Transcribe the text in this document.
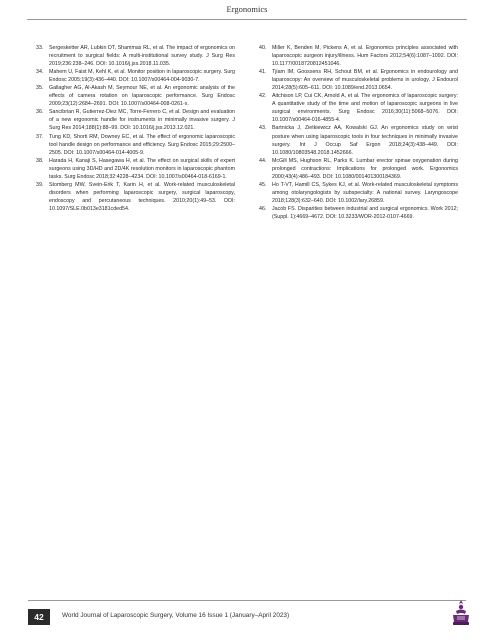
Ergonomics
33. Sergesketter AR, Lubkin DT, Shammas RL, et al. The impact of ergonomics on recruitment to surgical fields: A multi-institutional survey study. J Surg Res 2019;236:238–246. DOI: 10.1016/j.jss.2018.11.035.
34. Mahem U, Faist M, Kehl K, et al. Monitor position in laparoscopic surgery. Surg Endosc 2005;19(3):436–440. DOI: 10.1007/s00464-004-9030-7.
35. Gallagher AG, Al-Akash M, Seymour NE, et al. An ergonomic analysis of the effects of camera rotation on laparoscopic performance. Surg Endosc 2009;23(12):2684–2691. DOI: 10.1007/s00464-008-0261-x.
36. Sancibrian R, Gutierrez-Diez MC, Torre-Ferrero C, et al. Design and evaluation of a new ergonomic handle for instruments in minimally invasive surgery. J Surg Res 2014;188(1):88–99. DOI: 10.1016/j.jss.2013.12.021.
37. Tung KD, Shorti RM, Downey EC, et al. The effect of ergonomic laparoscopic tool handle design on performance and efficiency. Surg Endosc 2015;29:2500–2505. DOI: 10.1007/s00464-014-4005-9.
38. Harada H, Kanaji S, Hasegawa H, et al. The effect on surgical skills of expert surgeons using 3D/HD and 2D/4K resolution monitors in laparoscopic phantom tasks. Surg Endosc 2018;32:4228–4234. DOI: 10.1007/s00464-018-6169-1.
39. Stomberg MW, Svein-Erik T, Karin H, et al. Work-related musculoskeletal disorders when performing laparoscopic surgery, surgical laparoscopy, endoscopy and percutaneous techniques. 2010;20(1):49–53. DOI: 10.1097/SLE.0b013e3181cded54.
40. Miller K, Benden M, Pickens A, et al. Ergonomics principles associated with laparoscopic surgeon injury/illness. Hum Factors 2012;54(6):1087–1092. DOI: 10.1177/0018720812451046.
41. Tjiam IM, Goossens RH, Schout BM, et al. Ergonomics in endourology and laparoscopy: An overview of musculoskeletal problems in urology. J Endourol 2014;28(5):605–611. DOI: 10.1089/end.2013.0654.
42. Aitchison LP, Cui CK, Arnold A, et al. The ergonomics of laparoscopic surgery: A quantitative study of the time and motion of laparoscopic surgeons in live surgical environments. Surg Endosc 2016;30(11):5068–5076. DOI: 10.1007/s00464-016-4855-4.
43. Bartnicka J, Zietkiewicz AA, Kowalski GJ. An ergonomics study on wrist posture when using laparoscopic tools in four techniques in minimally invasive surgery. Int J Occup Saf Ergon 2018;24(3):438–449. DOI: 10.1080/10803548.2018.1452666.
44. McGill MS, Hughson RL, Parks K. Lumbar erector spinae oxygenation during prolonged contractions: Implications for prolonged work. Ergonomics 2000;43(4):486–493. DOI: 10.1080/001401300184369.
45. Ho T-VT, Hamill CS, Sykes KJ, et al. Work-related musculoskeletal symptoms among otolaryngologists by subspecialty: A national survey. Laryngoscope 2018;128(3):632–640. DOI: 10.1002/lary.26859.
46. Jacob FS. Disparities between industrial and surgical ergonomics. Work 2012;(Suppl. 1):4669–4672. DOI: 10.3233/WOR-2012-0107-4669.
42	World Journal of Laparoscopic Surgery, Volume 16 Issue 1 (January–April 2023)
